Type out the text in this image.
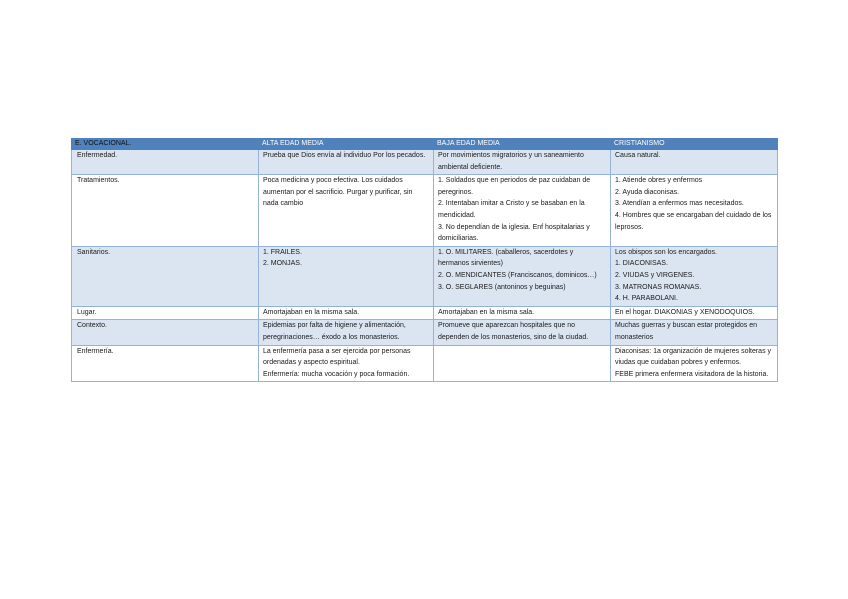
E. VOCACIONAL.	ALTA EDAD MEDIA	BAJA EDAD MEDIA	CRISTIANISMO
Enfermedad.	Prueba que Dios envía al individuo Por los pecados.	Por movimientos migratorios y un saneamiento ambiental deficiente.	Causa natural.

Tratamientos.	Poca medicina y poco efectiva. Los cuidados aumentan por el sacrificio. Purgar y purificar, sin nada cambio	1. Soldados que en periodos de paz cuidaban de peregrinos.
2. Intentaban imitar a Cristo y se basaban en la mendicidad.
3. No dependían de la iglesia. Enf hospitalarias y domiciliarias.	1. Atiende obres y enfermos
2. Ayuda diaconisas.
3. Atendían a enfermos mas necesitados.
4. Hombres que se encargaban del cuidado de los leprosos.

Sanitarios.	1. FRAILES.
2. MONJAS.	1. O. MILITARES. (caballeros, sacerdotes y hermanos sirvientes)
2. O. MENDICANTES (Franciscanos, dominicos…)
3. O. SEGLARES (antoninos y beguinas)	Los obispos son los encargados.
1. DIACONISAS.
2. VIUDAS y VIRGENES.
3. MATRONAS ROMANAS.
4. H. PARABOLANI.

Lugar.	Amortajaban en la misma sala.	Amortajaban en la misma sala.	En el hogar. DIAKONIAS y XENODOQUIOS.

Contexto.	Epidemias por falta de higiene y alimentación, peregrinaciones… éxodo a los monasterios.	Promueve que aparezcan hospitales que no dependen de los monasterios, sino de la ciudad.	Muchas guerras y buscan estar protegidos en monasterios

Enfermería.	La enfermería pasa a ser ejercida por personas ordenadas y aspecto espiritual.
Enfermería: mucha vocación y poca formación.		Diaconisas: 1a organización de mujeres solteras y viudas que cuidaban pobres y enfermos.
FEBE primera enfermera visitadora de la historia.
